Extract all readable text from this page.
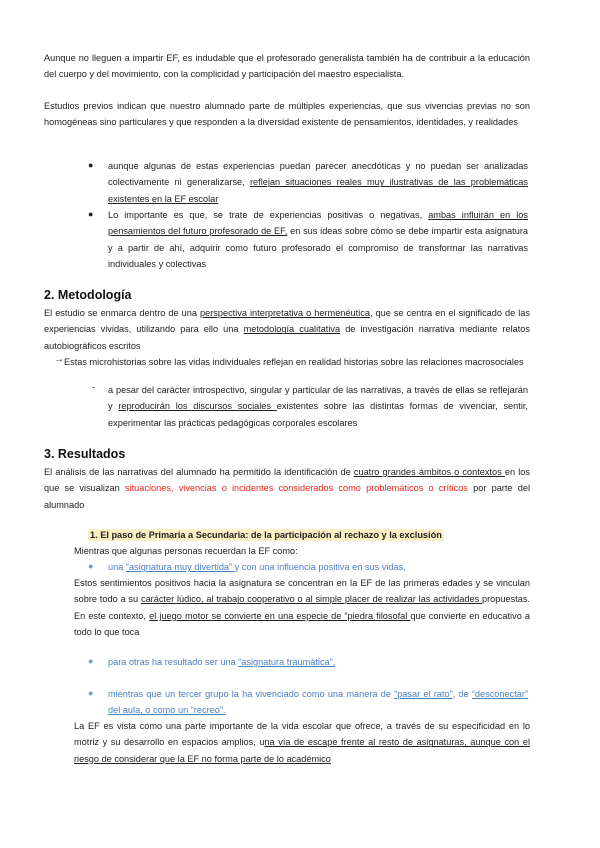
Aunque no lleguen a impartir EF, es indudable que el profesorado generalista también ha de contribuir a la educación del cuerpo y del movimiento, con la complicidad y participación del maestro especialista.

Estudios previos indican que nuestro alumnado parte de múltiples experiencias, que sus vivencias previas no son homogéneas sino particulares y que responden a la diversidad existente de pensamientos, identidades, y realidades

● aunque algunas de estas experiencias puedan parecer anecdóticas y no puedan ser analizadas colectivamente ni generalizarse, reflejan situaciones reales muy ilustrativas de las problemáticas existentes en la EF escolar

● Lo importante es que, se trate de experiencias positivas o negativas, ambas influirán en los pensamientos del futuro profesorado de EF, en sus ideas sobre cómo se debe impartir esta asignatura y a partir de ahí, adquirir como futuro profesorado el compromiso de transformar las narrativas individuales y colectivas

2. Metodología

El estudio se enmarca dentro de una perspectiva interpretativa o hermenéutica, que se centra en el significado de las experiencias vividas, utilizando para ello una metodología cualitativa de investigación narrativa mediante relatos autobiográficos escritos

→ Estas microhistorias sobre las vidas individuales reflejan en realidad historias sobre las relaciones macrosociales

- a pesar del carácter introspectivo, singular y particular de las narrativas, a través de ellas se reflejarán y reproducirán los discursos sociales existentes sobre las distintas formas de vivenciar, sentir, experimentar las prácticas pedagógicas corporales escolares

3. Resultados

El análisis de las narrativas del alumnado ha permitido la identificación de cuatro grandes ámbitos o contextos en los que se visualizan situaciones, vivencias o incidentes considerados como problemáticos o críticos por parte del alumnado

1. El paso de Primaria a Secundaria: de la participación al rechazo y la exclusión

Mientras que algunas personas recuerdan la EF como:

● una “asignatura muy divertida” y con una influencia positiva en sus vidas,

Estos sentimientos positivos hacia la asignatura se concentran en la EF de las primeras edades y se vinculan sobre todo a su carácter lúdico, al trabajo cooperativo o al simple placer de realizar las actividades propuestas. En este contexto, el juego motor se convierte en una especie de “piedra filosofal que convierte en educativo a todo lo que toca

● para otras ha resultado ser una “asignatura traumática”,

● mientras que un tercer grupo la ha vivenciado como una manera de “pasar el rato”, de “desconectar” del aula, o como un “recreo”.

La EF es vista como una parte importante de la vida escolar que ofrece, a través de su especificidad en lo motriz y su desarrollo en espacios amplios, una vía de escape frente al resto de asignaturas, aunque con el riesgo de considerar que la EF no forma parte de lo académico
